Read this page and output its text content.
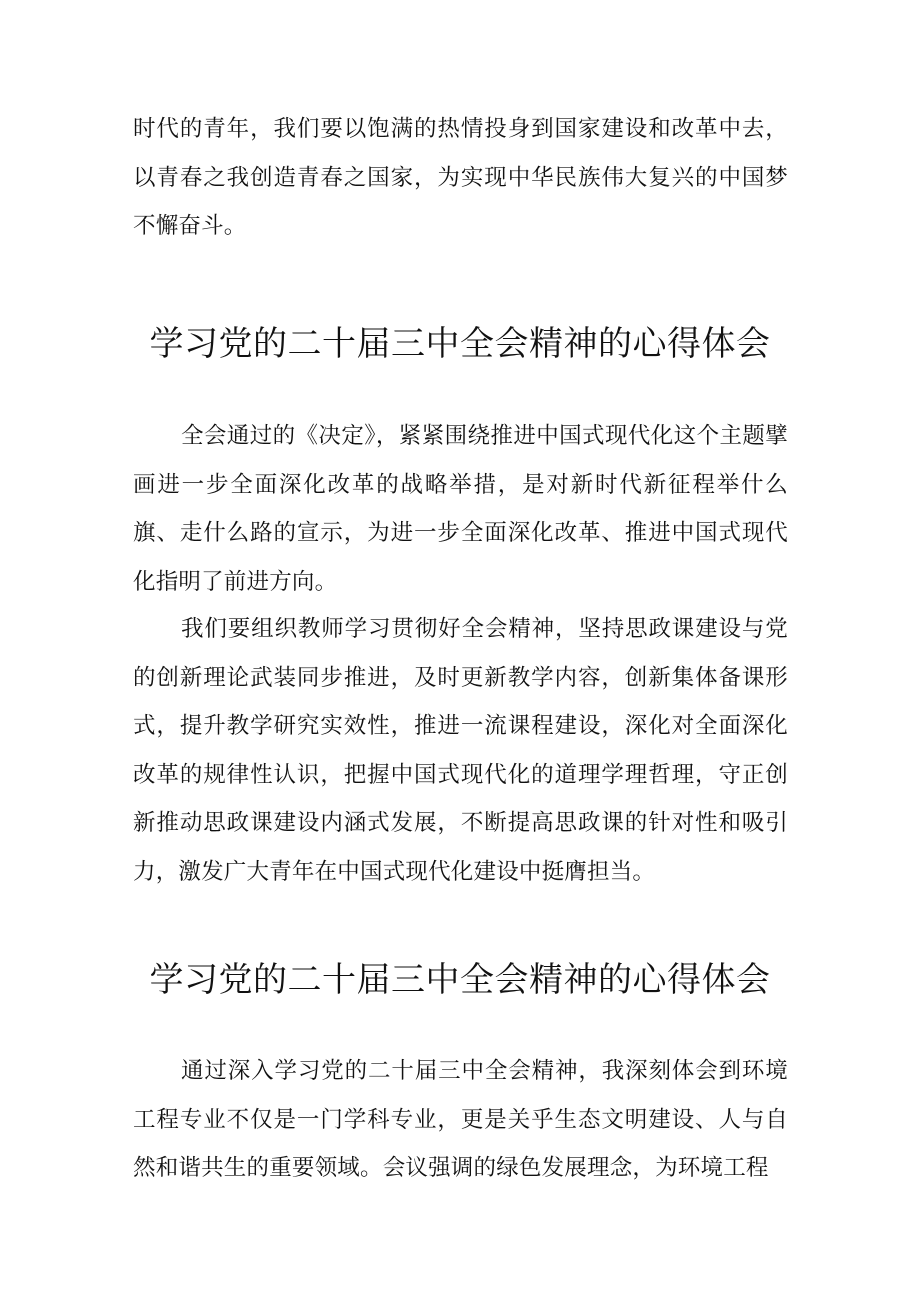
时代的青年，我们要以饱满的热情投身到国家建设和改革中去，以青春之我创造青春之国家，为实现中华民族伟大复兴的中国梦不懈奋斗。

学习党的二十届三中全会精神的心得体会

全会通过的《决定》，紧紧围绕推进中国式现代化这个主题擘画进一步全面深化改革的战略举措，是对新时代新征程举什么旗、走什么路的宣示，为进一步全面深化改革、推进中国式现代化指明了前进方向。

我们要组织教师学习贯彻好全会精神，坚持思政课建设与党的创新理论武装同步推进，及时更新教学内容，创新集体备课形式，提升教学研究实效性，推进一流课程建设，深化对全面深化改革的规律性认识，把握中国式现代化的道理学理哲理，守正创新推动思政课建设内涵式发展，不断提高思政课的针对性和吸引力，激发广大青年在中国式现代化建设中挺膺担当。

学习党的二十届三中全会精神的心得体会

通过深入学习党的二十届三中全会精神，我深刻体会到环境工程专业不仅是一门学科专业，更是关乎生态文明建设、人与自然和谐共生的重要领域。会议强调的绿色发展理念，为环境工程
